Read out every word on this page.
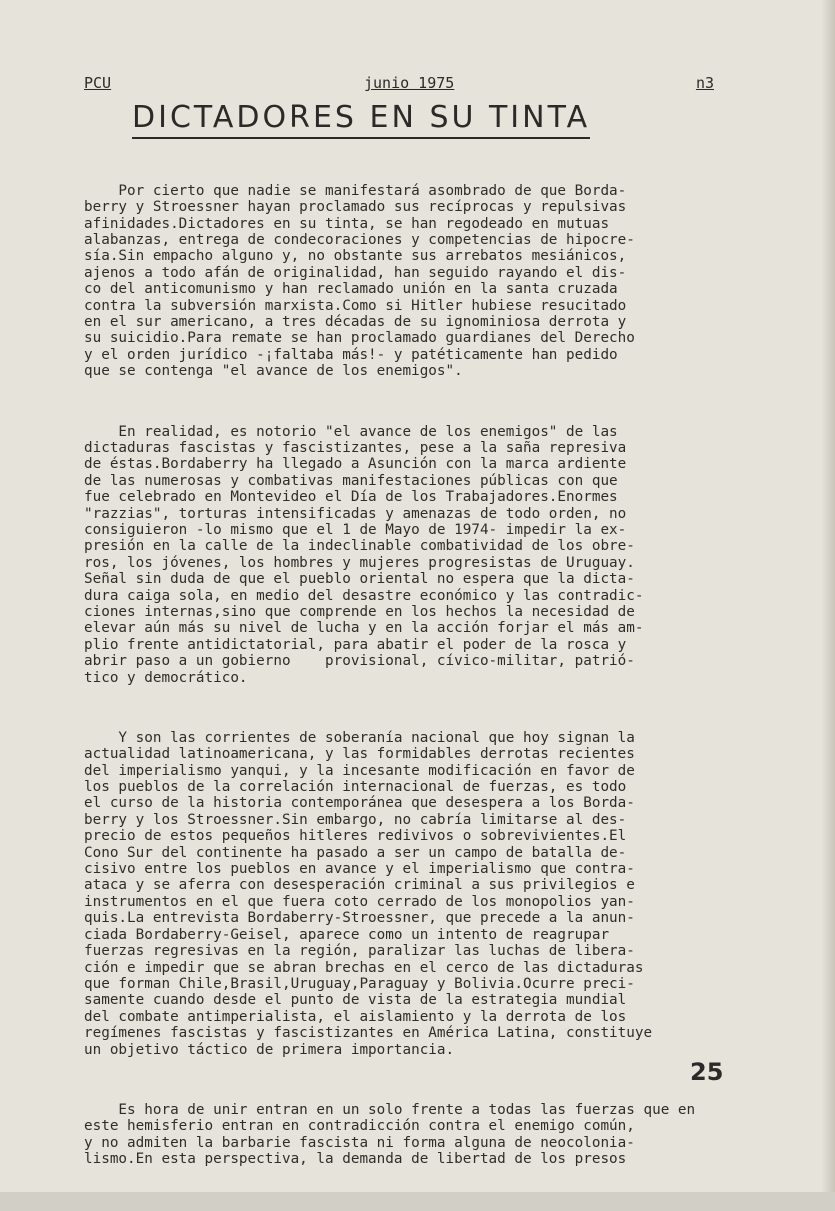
PCU	junio 1975	n3
DICTADORES EN SU TINTA

Por cierto que nadie se manifestará asombrado de que Borda-
berry y Stroessner hayan proclamado sus recíprocas y repulsivas
afinidades.Dictadores en su tinta, se han regodeado en mutuas
alabanzas, entrega de condecoraciones y competencias de hipocre-
sía.Sin empacho alguno y, no obstante sus arrebatos mesiánicos,
ajenos a todo afán de originalidad, han seguido rayando el dis-
co del anticomunismo y han reclamado unión en la santa cruzada
contra la subversión marxista.Como si Hitler hubiese resucitado
en el sur americano, a tres décadas de su ignominiosa derrota y
su suicidio.Para remate se han proclamado guardianes del Derecho
y el orden jurídico -¡faltaba más!- y patéticamente han pedido
que se contenga "el avance de los enemigos".

En realidad, es notorio "el avance de los enemigos" de las
dictaduras fascistas y fascistizantes, pese a la saña represiva
de éstas.Bordaberry ha llegado a Asunción con la marca ardiente
de las numerosas y combativas manifestaciones públicas con que
fue celebrado en Montevideo el Día de los Trabajadores.Enormes
"razzias", torturas intensificadas y amenazas de todo orden, no
consiguieron -lo mismo que el 1 de Mayo de 1974- impedir la ex-
presión en la calle de la indeclinable combatividad de los obre-
ros, los jóvenes, los hombres y mujeres progresistas de Uruguay.
Señal sin duda de que el pueblo oriental no espera que la dicta-
dura caiga sola, en medio del desastre económico y las contradic-
ciones internas,sino que comprende en los hechos la necesidad de
elevar aún más su nivel de lucha y en la acción forjar el más am-
plio frente antidictatorial, para abatir el poder de la rosca y
abrir paso a un gobierno    provisional, cívico-militar, patrió-
tico y democrático.

Y son las corrientes de soberanía nacional que hoy signan la
actualidad latinoamericana, y las formidables derrotas recientes
del imperialismo yanqui, y la incesante modificación en favor de
los pueblos de la correlación internacional de fuerzas, es todo
el curso de la historia contemporánea que desespera a los Borda-
berry y los Stroessner.Sin embargo, no cabría limitarse al des-
precio de estos pequeños hitleres redivivos o sobrevivientes.El
Cono Sur del continente ha pasado a ser un campo de batalla de-
cisivo entre los pueblos en avance y el imperialismo que contra-
ataca y se aferra con desesperación criminal a sus privilegios e
instrumentos en el que fuera coto cerrado de los monopolios yan-
quis.La entrevista Bordaberry-Stroessner, que precede a la anun-
ciada Bordaberry-Geisel, aparece como un intento de reagrupar
fuerzas regresivas en la región, paralizar las luchas de libera-
ción e impedir que se abran brechas en el cerco de las dictaduras
que forman Chile,Brasil,Uruguay,Paraguay y Bolivia.Ocurre preci-
samente cuando desde el punto de vista de la estrategia mundial
del combate antimperialista, el aislamiento y la derrota de los
regímenes fascistas y fascistizantes en América Latina, constituye
un objetivo táctico de primera importancia.

Es hora de unir entran en un solo frente a todas las fuerzas que en
este hemisferio entran en contradicción contra el enemigo común,
y no admiten la barbarie fascista ni forma alguna de neocolonia-
lismo.En esta perspectiva, la demanda de libertad de los presos

25
